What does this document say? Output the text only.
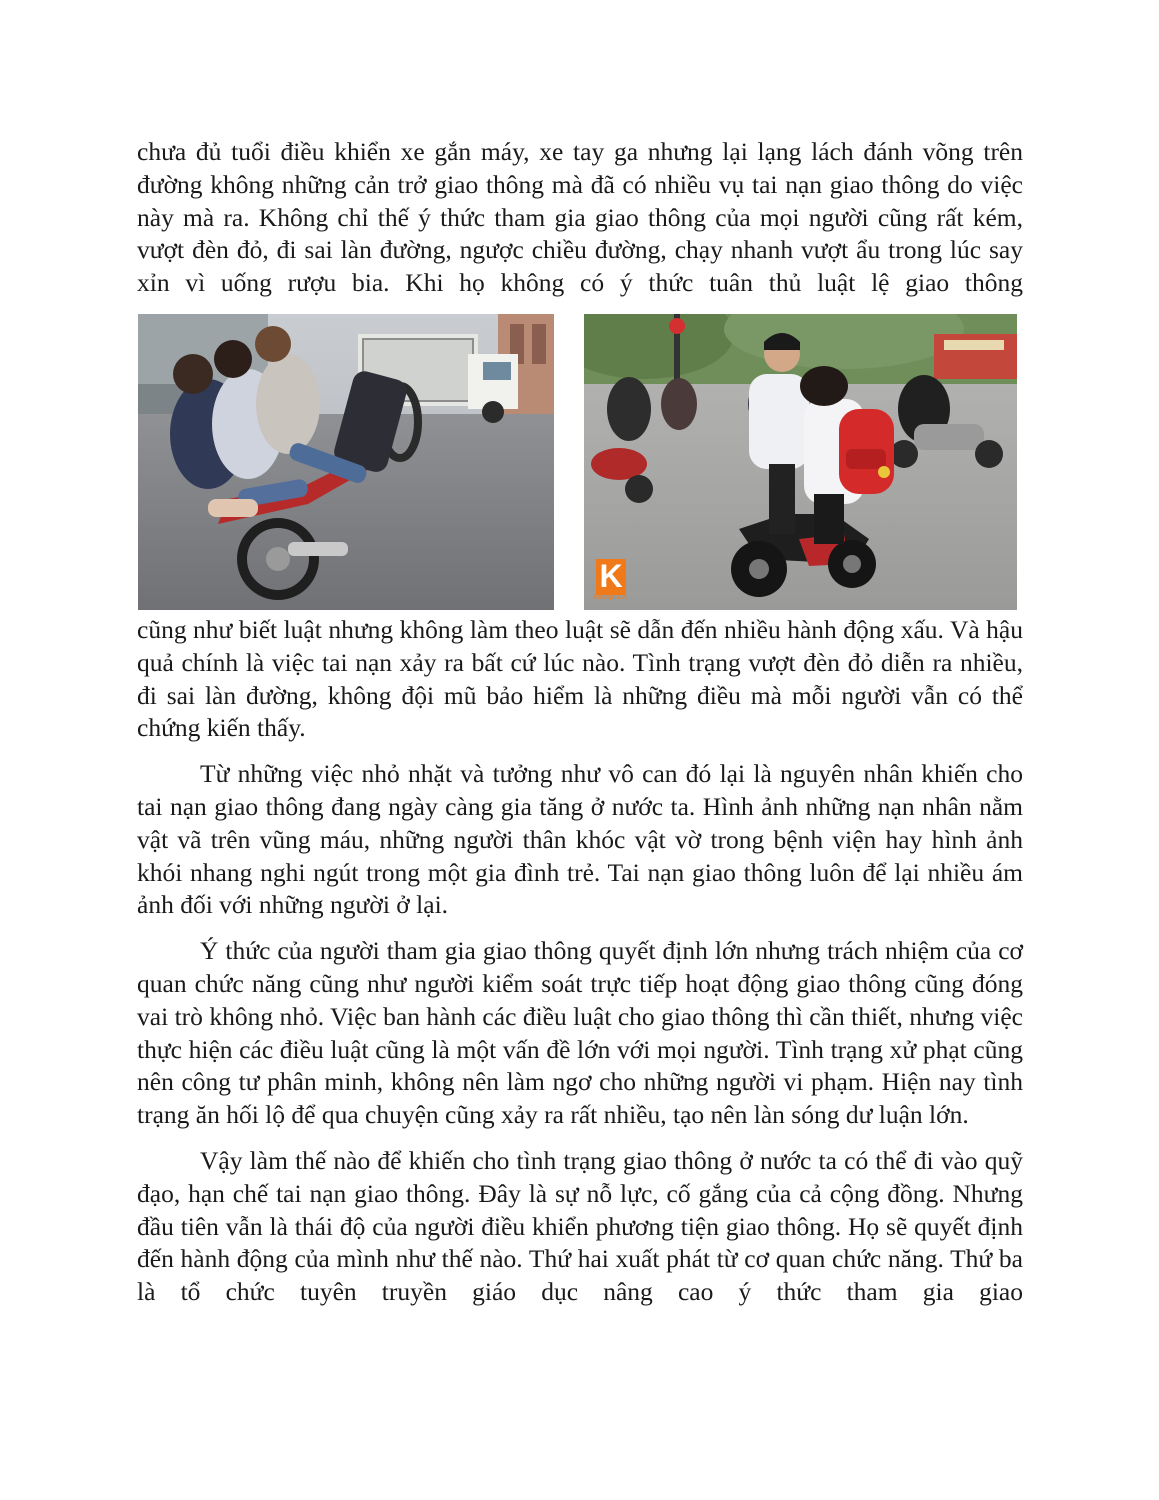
chưa đủ tuổi điều khiển xe gắn máy, xe tay ga nhưng lại lạng lách đánh võng trên đường không những cản trở giao thông mà đã có nhiều vụ tai nạn giao thông do việc này mà ra. Không chỉ thế ý thức tham gia giao thông của mọi người cũng rất kém, vượt đèn đỏ, đi sai làn đường, ngược chiều đường, chạy nhanh vượt ẩu trong lúc say xỉn vì uống rượu bia. Khi họ không có ý thức tuân thủ luật lệ giao thông

K
Khampha.vn

cũng như biết luật nhưng không làm theo luật sẽ dẫn đến nhiều hành động xấu. Và hậu quả chính là việc tai nạn xảy ra bất cứ lúc nào. Tình trạng vượt đèn đỏ diễn ra nhiều, đi sai làn đường, không đội mũ bảo hiểm là những điều mà mỗi người vẫn có thể chứng kiến thấy.

Từ những việc nhỏ nhặt và tưởng như vô can đó lại là nguyên nhân khiến cho tai nạn giao thông đang ngày càng gia tăng ở nước ta. Hình ảnh những nạn nhân nằm vật vã trên vũng máu, những người thân khóc vật vờ trong bệnh viện hay hình ảnh khói nhang nghi ngút trong một gia đình trẻ. Tai nạn giao thông luôn để lại nhiều ám ảnh đối với những người ở lại.

Ý thức của người tham gia giao thông quyết định lớn nhưng trách nhiệm của cơ quan chức năng cũng như người kiểm soát trực tiếp hoạt động giao thông cũng đóng vai trò không nhỏ. Việc ban hành các điều luật cho giao thông thì cần thiết, nhưng việc thực hiện các điều luật cũng là một vấn đề lớn với mọi người. Tình trạng xử phạt cũng nên công tư phân minh, không nên làm ngơ cho những người vi phạm. Hiện nay tình trạng ăn hối lộ để qua chuyện cũng xảy ra rất nhiều, tạo nên làn sóng dư luận lớn.

Vậy làm thế nào để khiến cho tình trạng giao thông ở nước ta có thể đi vào quỹ đạo, hạn chế tai nạn giao thông. Đây là sự nỗ lực, cố gắng của cả cộng đồng. Nhưng đầu tiên vẫn là thái độ của người điều khiển phương tiện giao thông. Họ sẽ quyết định đến hành động của mình như thế nào. Thứ hai xuất phát từ cơ quan chức năng. Thứ ba là tổ chức tuyên truyền giáo dục nâng cao ý thức tham gia giao
